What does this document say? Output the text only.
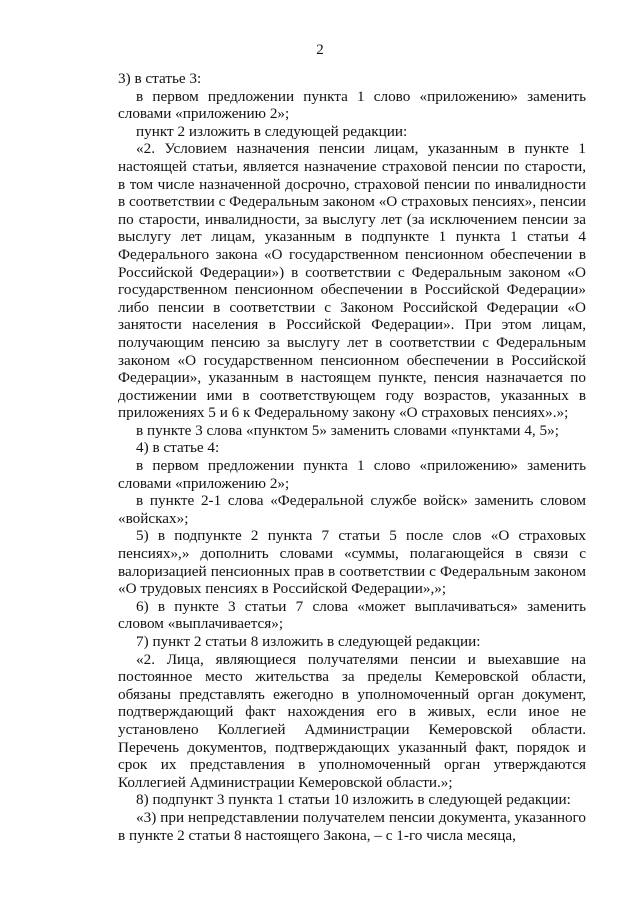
2

3) в статье 3:

в первом предложении пункта 1 слово «приложению» заменить словами «приложению 2»;

пункт 2 изложить в следующей редакции:

«2. Условием назначения пенсии лицам, указанным в пункте 1 настоящей статьи, является назначение страховой пенсии по старости, в том числе назначенной досрочно, страховой пенсии по инвалидности в соответствии с Федеральным законом «О страховых пенсиях», пенсии по старости, инвалидности, за выслугу лет (за исключением пенсии за выслугу лет лицам, указанным в подпункте 1 пункта 1 статьи 4 Федерального закона «О государственном пенсионном обеспечении в Российской Федерации») в соответствии с Федеральным законом «О государственном пенсионном обеспечении в Российской Федерации» либо пенсии в соответствии с Законом Российской Федерации «О занятости населения в Российской Федерации». При этом лицам, получающим пенсию за выслугу лет в соответствии с Федеральным законом «О государственном пенсионном обеспечении в Российской Федерации», указанным в настоящем пункте, пенсия назначается по достижении ими в соответствующем году возрастов, указанных в приложениях 5 и 6 к Федеральному закону «О страховых пенсиях».»;

в пункте 3 слова «пунктом 5» заменить словами «пунктами 4, 5»;

4) в статье 4:

в первом предложении пункта 1 слово «приложению» заменить словами «приложению 2»;

в пункте 2-1 слова «Федеральной службе войск» заменить словом «войсках»;

5) в подпункте 2 пункта 7 статьи 5 после слов «О страховых пенсиях»,» дополнить словами «суммы, полагающейся в связи с валоризацией пенсионных прав в соответствии с Федеральным законом «О трудовых пенсиях в Российской Федерации»,»;

6) в пункте 3 статьи 7 слова «может выплачиваться» заменить словом «выплачивается»;

7) пункт 2 статьи 8 изложить в следующей редакции:

«2. Лица, являющиеся получателями пенсии и выехавшие на постоянное место жительства за пределы Кемеровской области, обязаны представлять ежегодно в уполномоченный орган документ, подтверждающий факт нахождения его в живых, если иное не установлено Коллегией Администрации Кемеровской области. Перечень документов, подтверждающих указанный факт, порядок и срок их представления в уполномоченный орган утверждаются Коллегией Администрации Кемеровской области.»;

8) подпункт 3 пункта 1 статьи 10 изложить в следующей редакции:

«3) при непредставлении получателем пенсии документа, указанного в пункте 2 статьи 8 настоящего Закона, – с 1-го числа месяца,
